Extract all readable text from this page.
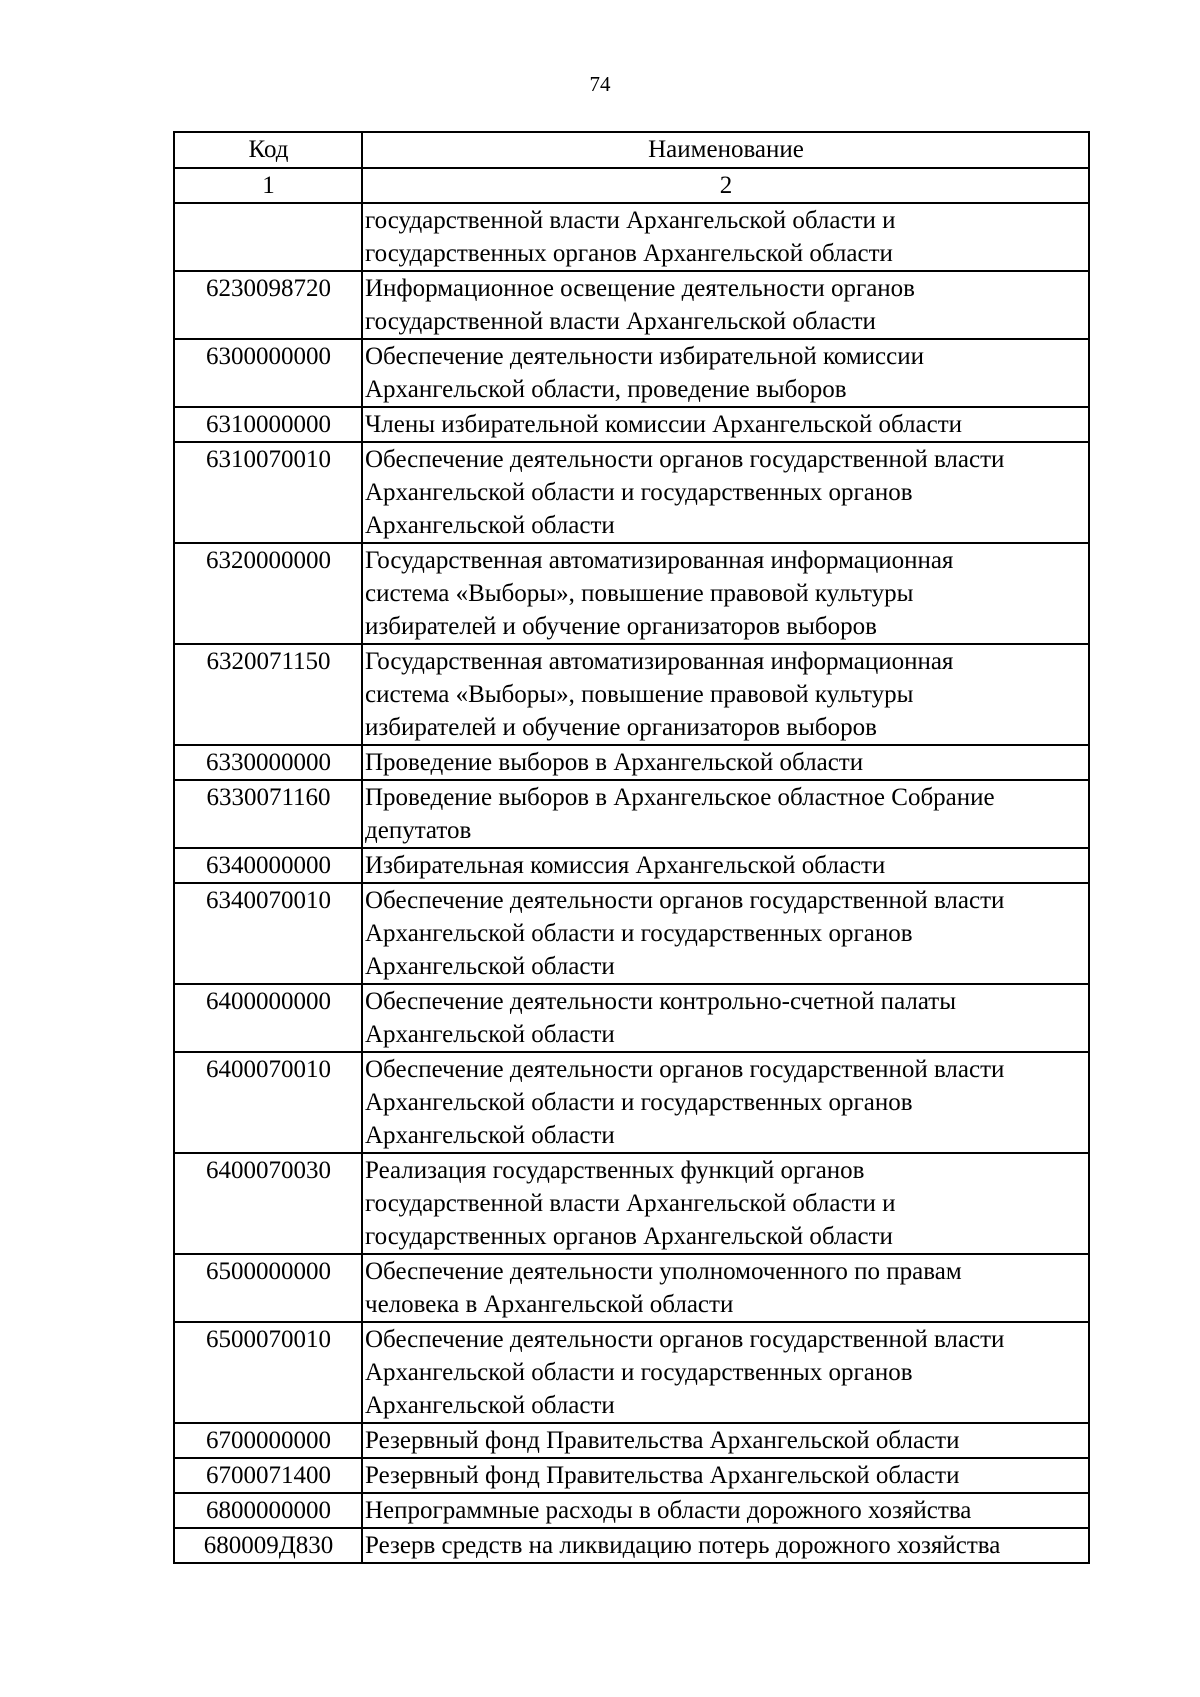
74
Код	Наименование
1	2
	государственной власти Архангельской области и
государственных органов Архангельской области
6230098720	Информационное освещение деятельности органов
государственной власти Архангельской области
6300000000	Обеспечение деятельности избирательной комиссии
Архангельской области, проведение выборов
6310000000	Члены избирательной комиссии Архангельской области
6310070010	Обеспечение деятельности органов государственной власти
Архангельской области и государственных органов
Архангельской области
6320000000	Государственная автоматизированная информационная
система «Выборы», повышение правовой культуры
избирателей и обучение организаторов выборов
6320071150	Государственная автоматизированная информационная
система «Выборы», повышение правовой культуры
избирателей и обучение организаторов выборов
6330000000	Проведение выборов в Архангельской области
6330071160	Проведение выборов в Архангельское областное Собрание
депутатов
6340000000	Избирательная комиссия Архангельской области
6340070010	Обеспечение деятельности органов государственной власти
Архангельской области и государственных органов
Архангельской области
6400000000	Обеспечение деятельности контрольно-счетной палаты
Архангельской области
6400070010	Обеспечение деятельности органов государственной власти
Архангельской области и государственных органов
Архангельской области
6400070030	Реализация государственных функций органов
государственной власти Архангельской области и
государственных органов Архангельской области
6500000000	Обеспечение деятельности уполномоченного по правам
человека в Архангельской области
6500070010	Обеспечение деятельности органов государственной власти
Архангельской области и государственных органов
Архангельской области
6700000000	Резервный фонд Правительства Архангельской области
6700071400	Резервный фонд Правительства Архангельской области
6800000000	Непрограммные расходы в области дорожного хозяйства
680009Д830	Резерв средств на ликвидацию потерь дорожного хозяйства
